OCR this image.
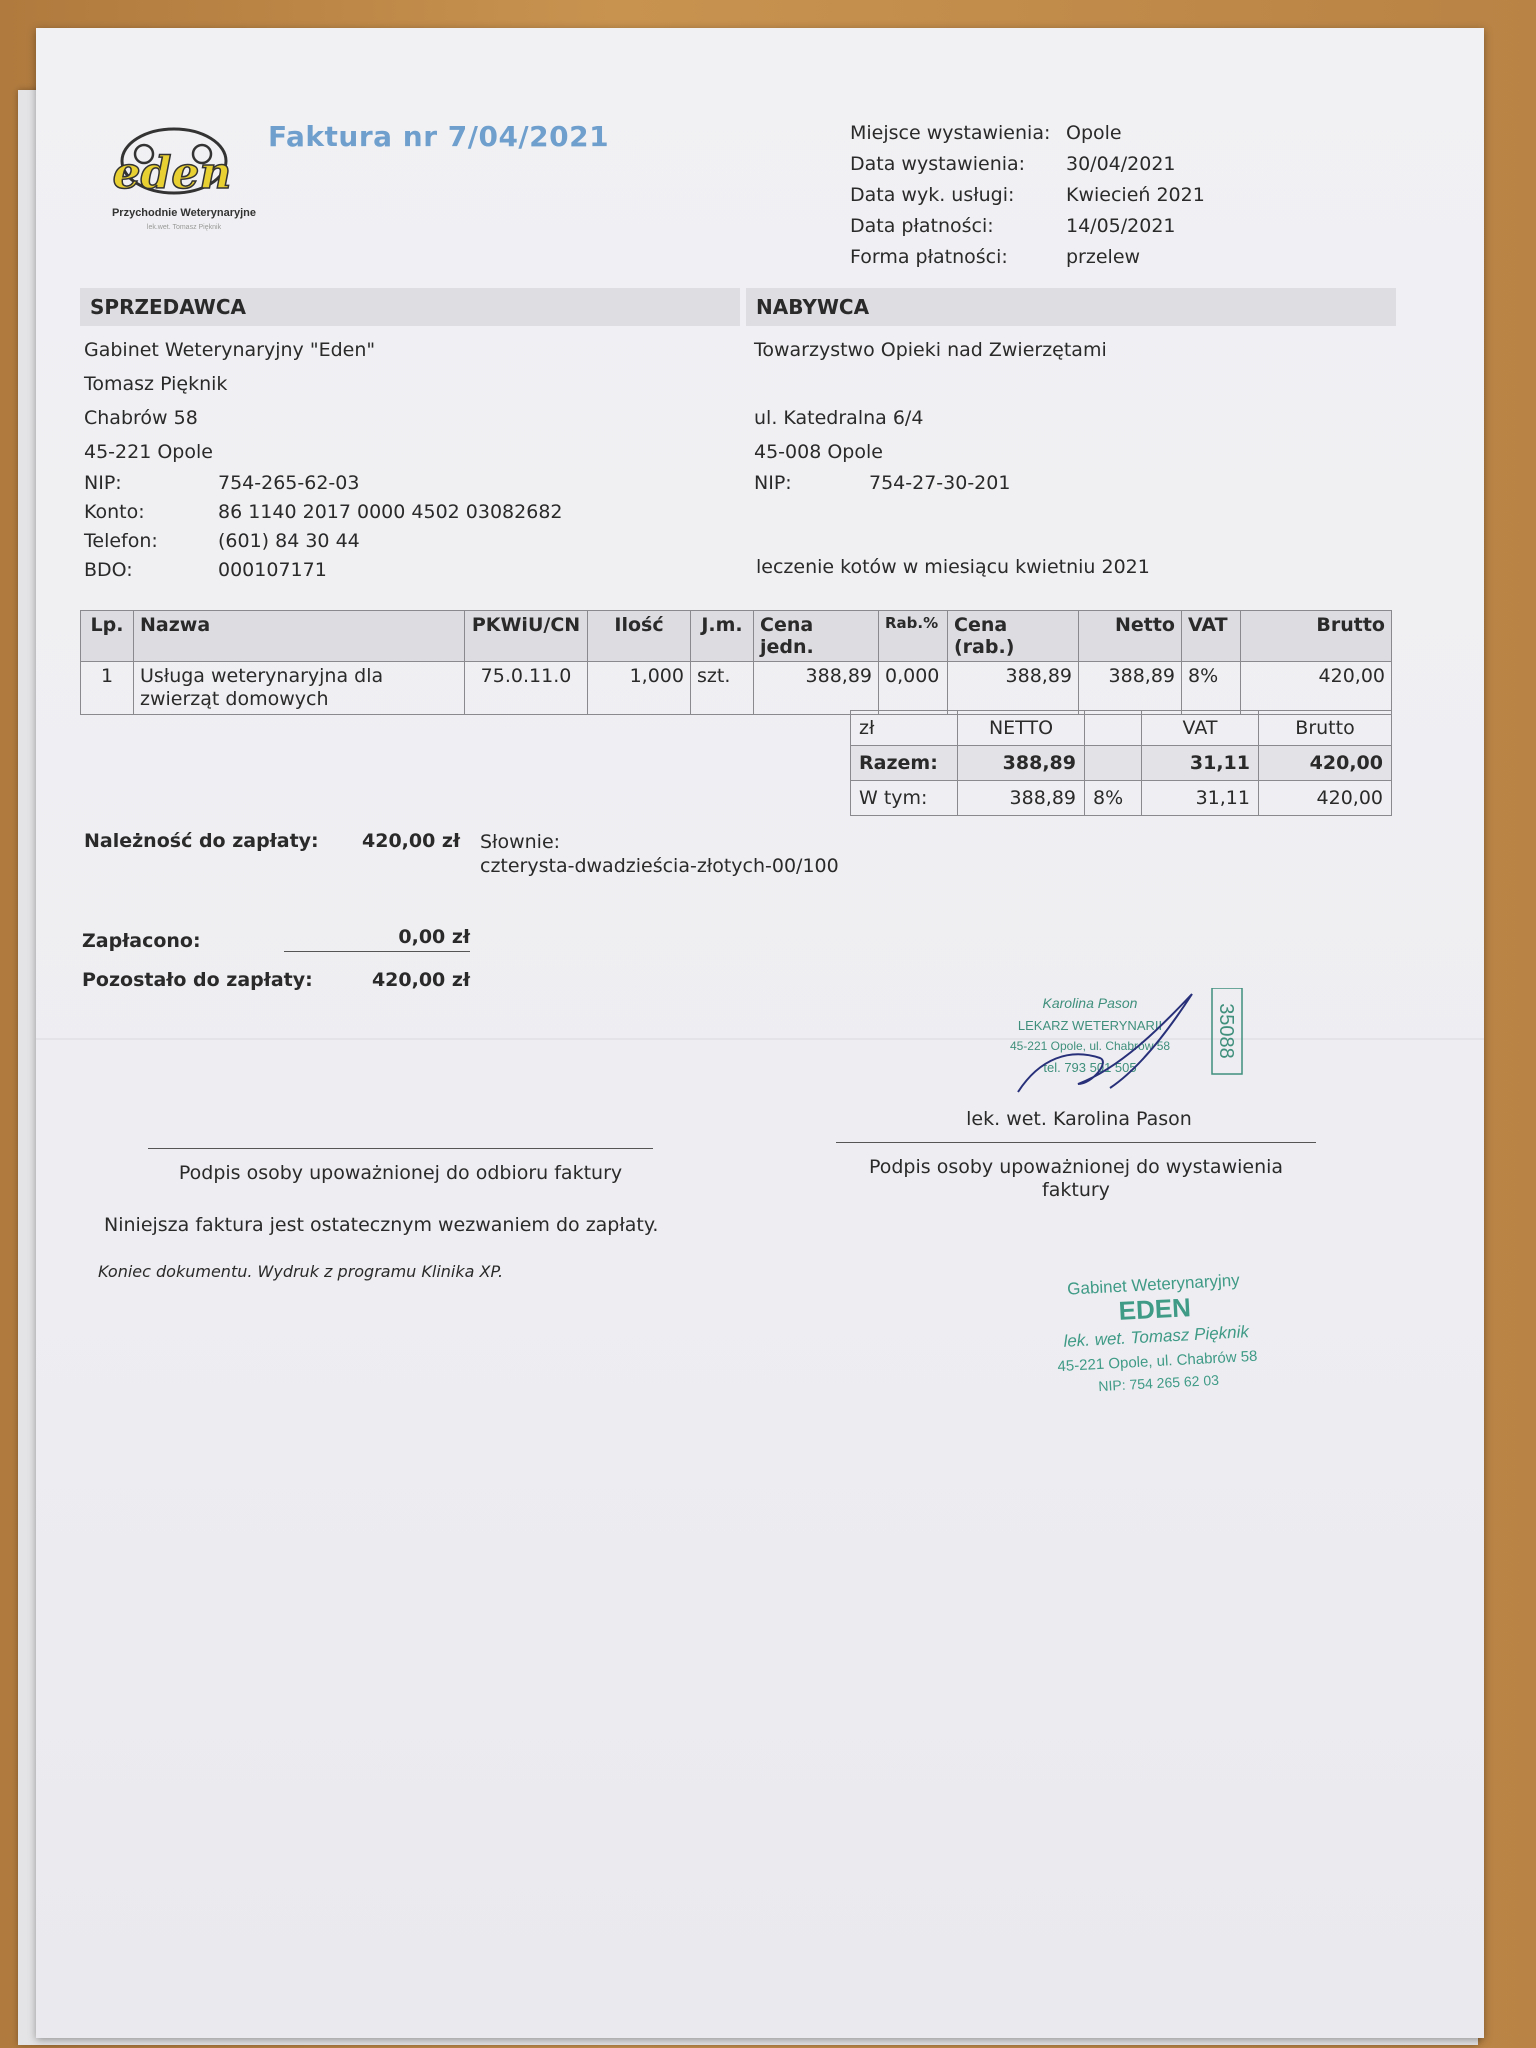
eden
Przychodnie Weterynaryjne
lek.wet. Tomasz Pięknik
Faktura nr 7/04/2021	Miejsce wystawienia: Opole
Data wystawienia:	30/04/2021
Data wyk. usługi:	Kwiecień 2021
Data płatności:	14/05/2021
Forma płatności:	przelew
SPRZEDAWCA	NABYWCA
Gabinet Weterynaryjny "Eden"
Tomasz Pięknik
Chabrów 58
45-221 Opole
NIP:	754-265-62-03
Konto:	86 1140 2017 0000 4502 03082682
Telefon:	(601) 84 30 44
BDO:	000107171
Towarzystwo Opieki nad Zwierzętami
ul. Katedralna 6/4
45-008 Opole
NIP:	754-27-30-201
leczenie kotów w miesiącu kwietniu 2021
Lp.	Nazwa	PKWiU/CN	Ilość	J.m.	Cena jedn.	Rab.%	Cena (rab.)	Netto	VAT	Brutto
1	Usługa weterynaryjna dla
zwierząt domowych	75.0.11.0	1,000	szt.	388,89	0,000	388,89	388,89	8%	420,00
zł	NETTO		VAT	Brutto
Razem:	388,89		31,11	420,00
W tym:	388,89	8%	31,11	420,00
Należność do zapłaty: 420,00 zł Słownie:
czterysta-dwadzieścia-złotych-00/100
Zapłacono:	0,00 zł
Pozostało do zapłaty:	420,00 zł
Karolina Pason
LEKARZ WETERYNARII
45-221 Opole, ul. Chabrów 58
tel. 793 501 505
35088
lek. wet. Karolina Pason
Podpis osoby upoważnionej do odbioru faktury	Podpis osoby upoważnionej do wystawienia faktury
Niniejsza faktura jest ostatecznym wezwaniem do zapłaty.
Koniec dokumentu. Wydruk z programu Klinika XP.	Gabinet Weterynaryjny
EDEN
lek. wet. Tomasz Pięknik
45-221 Opole, ul. Chabrów 58
NIP: 754 265 62 03
